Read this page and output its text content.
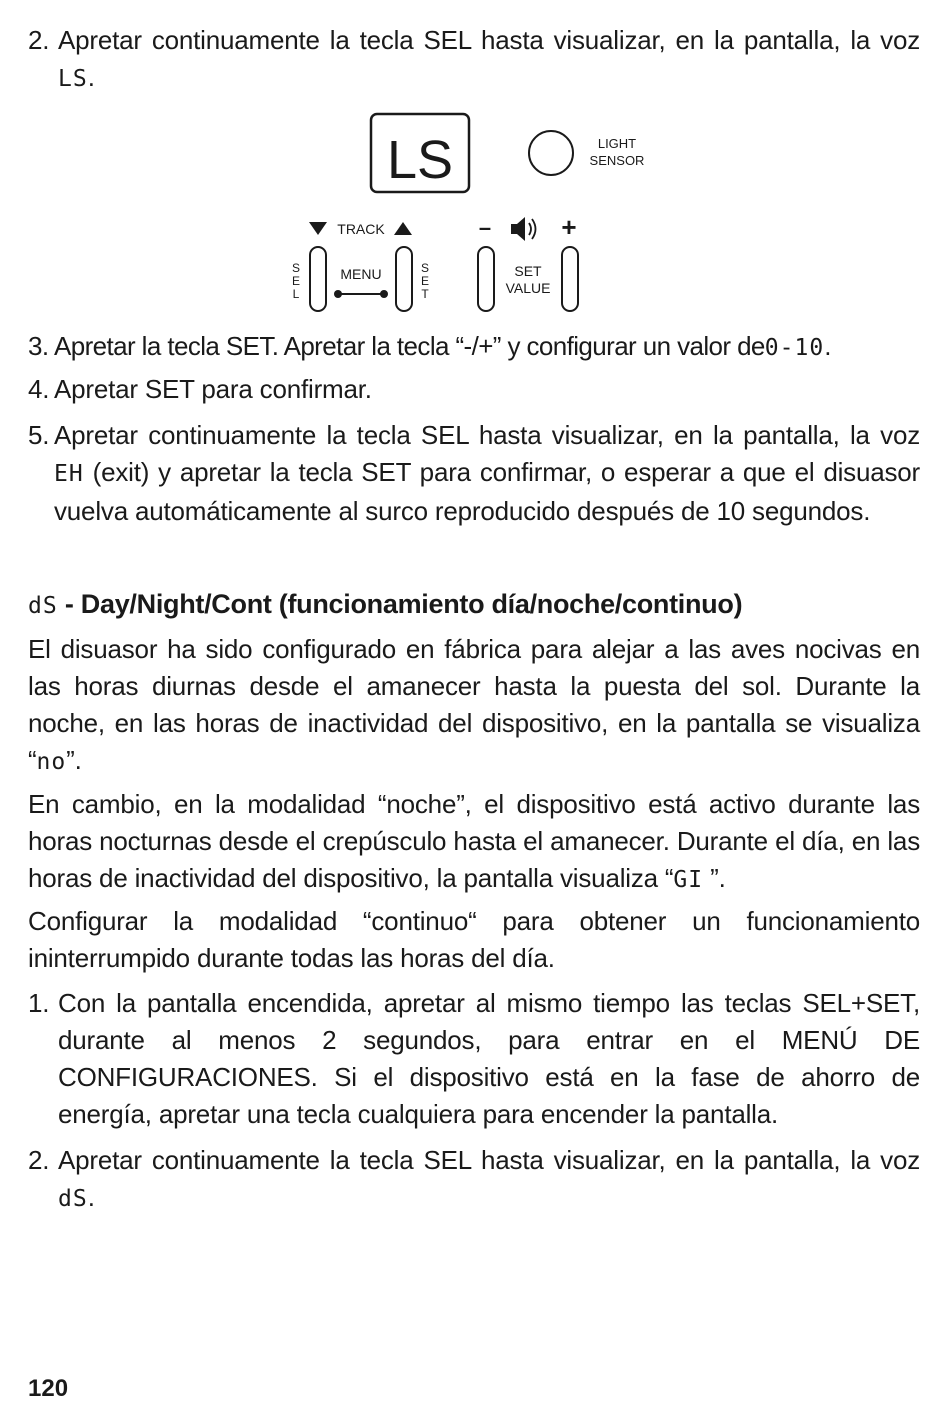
2. Apretar continuamente la tecla SEL hasta visualizar, en la pantalla, la voz LS.

LS	LIGHT
SENSOR
TRACK	–	+
S
E
L
MENU	S
E
T
SET
VALUE

3. Apretar la tecla SET. Apretar la tecla “-/+” y configurar un valor de0-10.

4. Apretar SET para confirmar.

5. Apretar continuamente la tecla SEL hasta visualizar, en la pantalla, la voz EH (exit) y apretar la tecla SET para confirmar, o esperar a que el disuasor vuelva automáticamente al surco reproducido después de 10 segundos.

dS - Day/Night/Cont (funcionamiento día/noche/continuo)

El disuasor ha sido configurado en fábrica para alejar a las aves nocivas en las horas diurnas desde el amanecer hasta la puesta del sol. Durante la noche, en las horas de inactividad del dispositivo, en la pantalla se visualiza “no”.

En cambio, en la modalidad “noche”, el dispositivo está activo durante las horas nocturnas desde el crepúsculo hasta el amanecer. Durante el día, en las horas de inactividad del dispositivo, la pantalla visualiza “GI ”.

Configurar la modalidad “continuo“ para obtener un funcionamiento ininterrumpido durante todas las horas del día.

1. Con la pantalla encendida, apretar al mismo tiempo las teclas SEL+SET, durante al menos 2 segundos, para entrar en el MENÚ DE CONFIGURACIONES. Si el dispositivo está en la fase de ahorro de energía, apretar una tecla cualquiera para encender la pantalla.

2. Apretar continuamente la tecla SEL hasta visualizar, en la pantalla, la voz dS.

120
